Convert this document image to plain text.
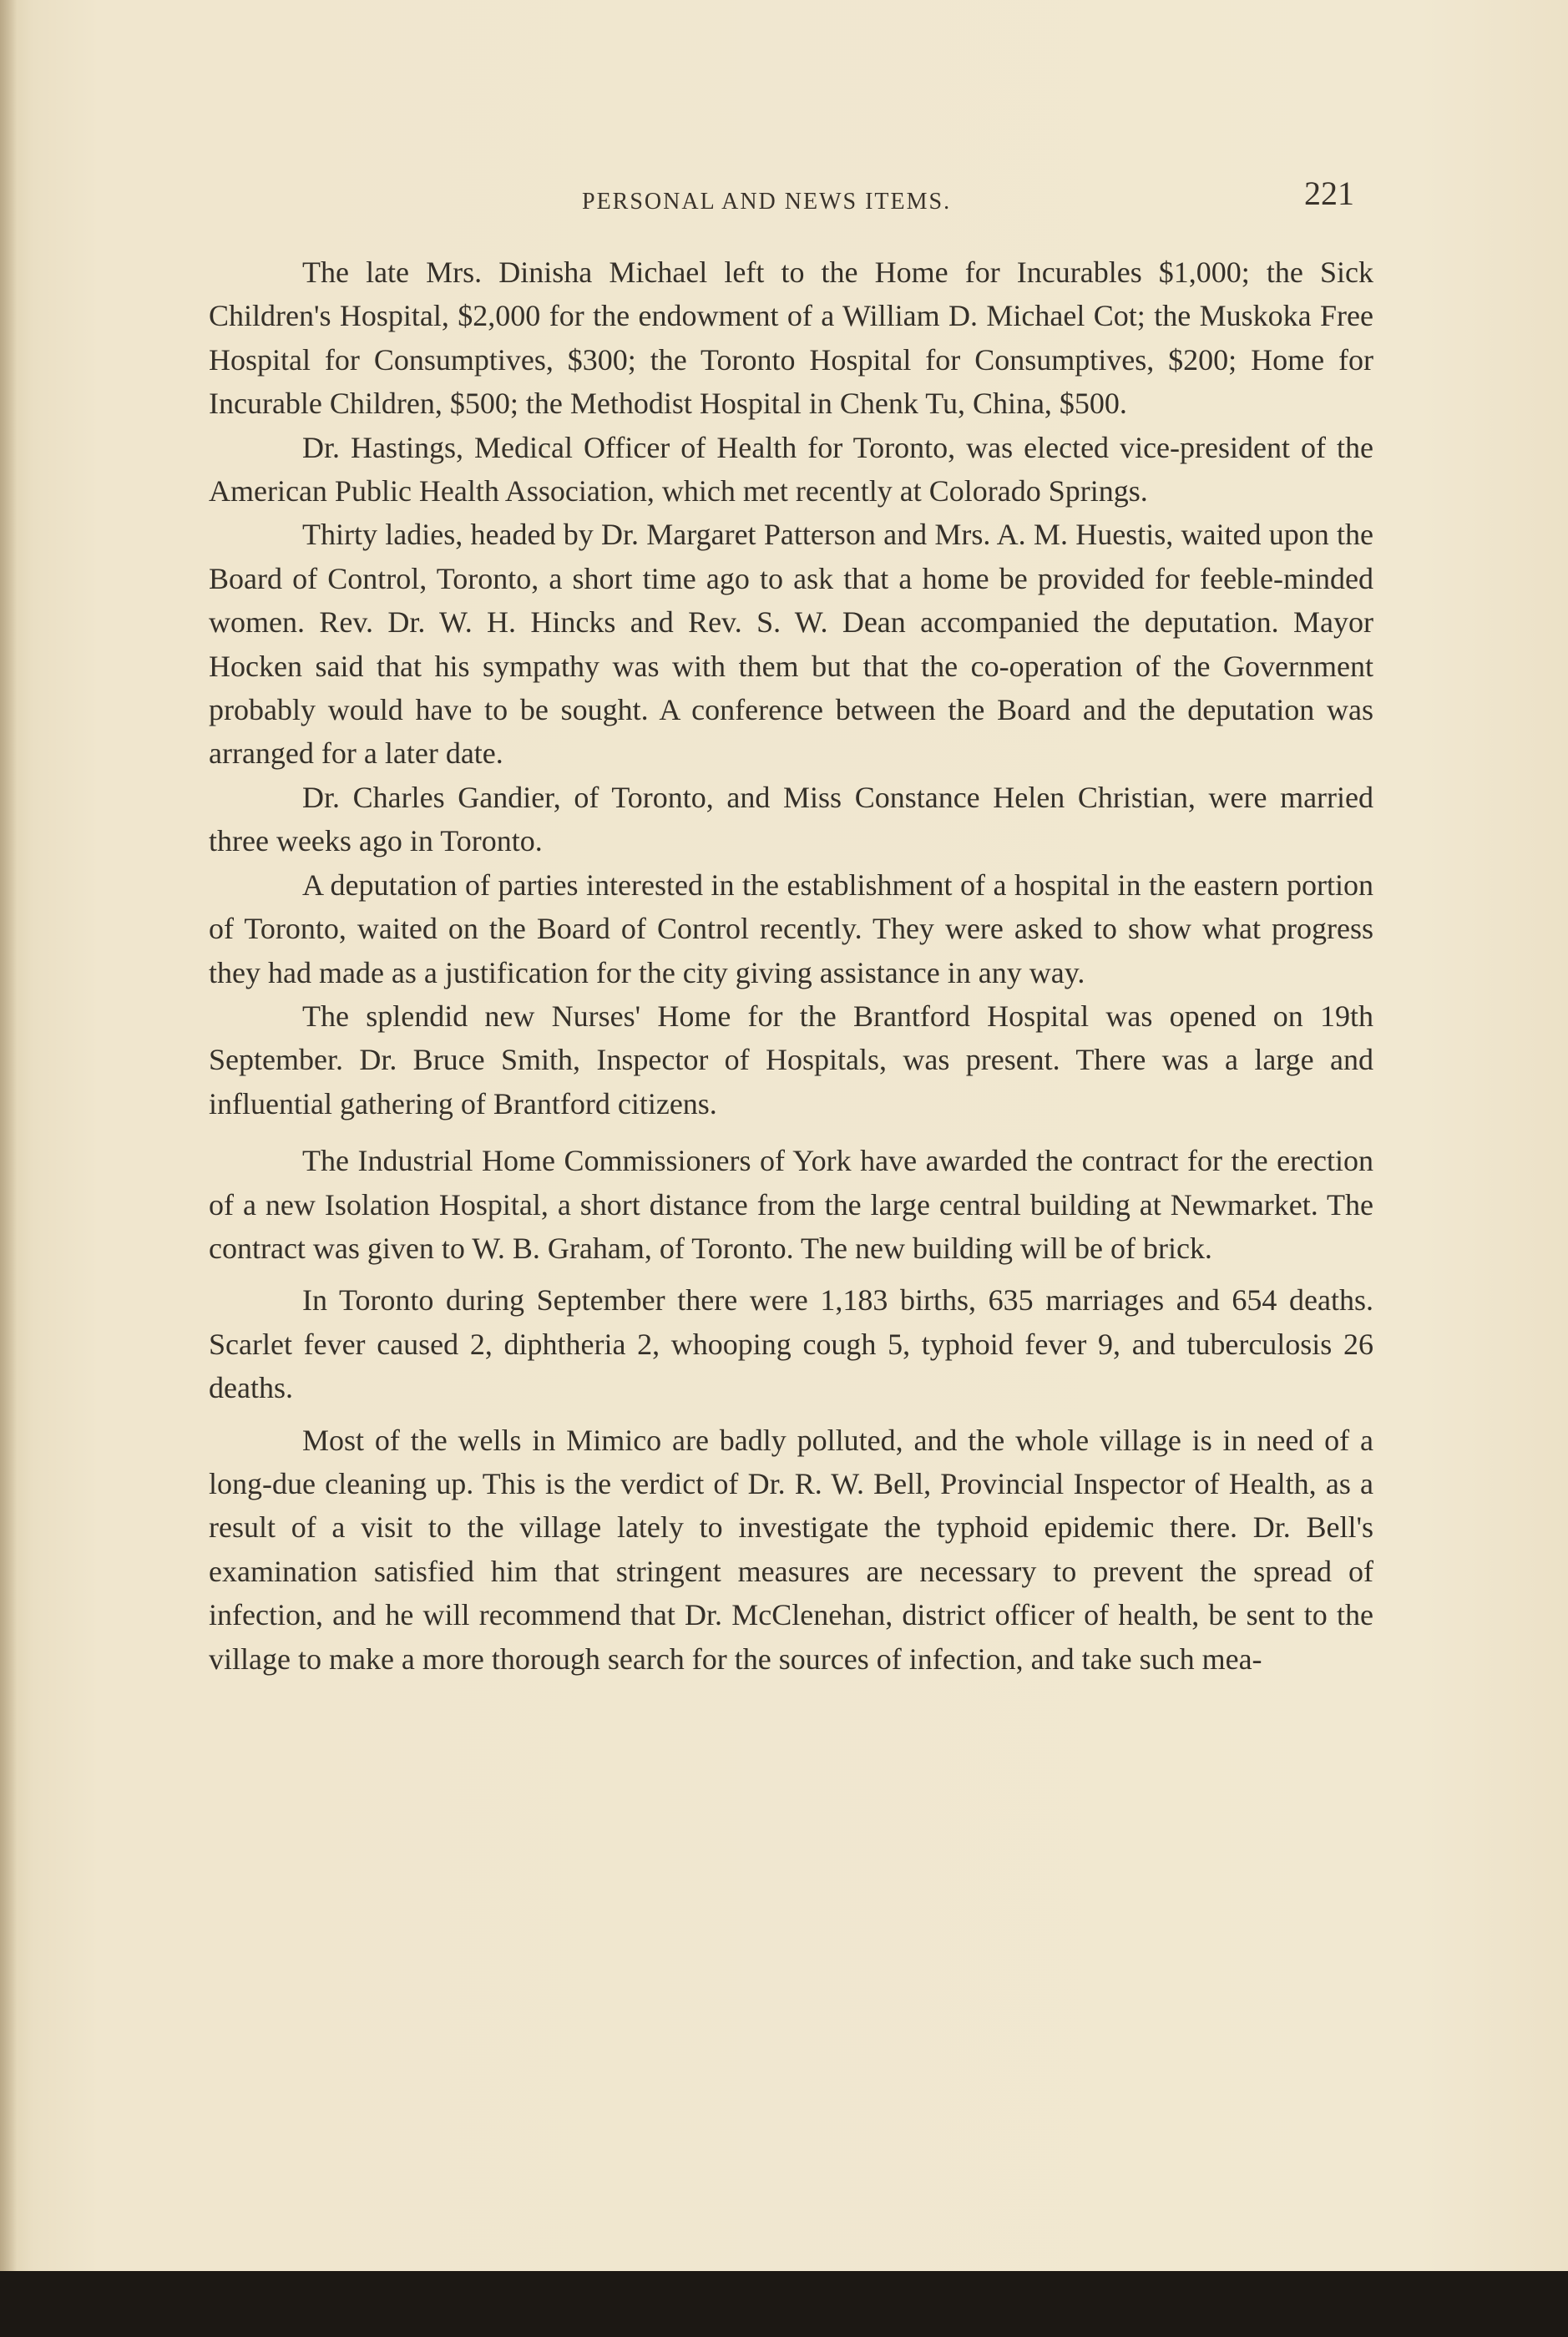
PERSONAL AND NEWS ITEMS.	221

The late Mrs. Dinisha Michael left to the Home for Incurables $1,000; the Sick Children's Hospital, $2,000 for the endowment of a William D. Michael Cot; the Muskoka Free Hospital for Consumptives, $300; the Toronto Hospital for Consumptives, $200; Home for Incurable Children, $500; the Methodist Hospital in Chenk Tu, China, $500.

Dr. Hastings, Medical Officer of Health for Toronto, was elected vice-president of the American Public Health Association, which met recently at Colorado Springs.

Thirty ladies, headed by Dr. Margaret Patterson and Mrs. A. M. Huestis, waited upon the Board of Control, Toronto, a short time ago to ask that a home be provided for feeble-minded women. Rev. Dr. W. H. Hincks and Rev. S. W. Dean accompanied the deputation. Mayor Hocken said that his sympathy was with them but that the co-operation of the Government probably would have to be sought. A conference between the Board and the deputation was arranged for a later date.

Dr. Charles Gandier, of Toronto, and Miss Constance Helen Christian, were married three weeks ago in Toronto.

A deputation of parties interested in the establishment of a hospital in the eastern portion of Toronto, waited on the Board of Control recently. They were asked to show what progress they had made as a justification for the city giving assistance in any way.

The splendid new Nurses' Home for the Brantford Hospital was opened on 19th September. Dr. Bruce Smith, Inspector of Hospitals, was present. There was a large and influential gathering of Brantford citizens.

The Industrial Home Commissioners of York have awarded the contract for the erection of a new Isolation Hospital, a short distance from the large central building at Newmarket. The contract was given to W. B. Graham, of Toronto. The new building will be of brick.

In Toronto during September there were 1,183 births, 635 marriages and 654 deaths. Scarlet fever caused 2, diphtheria 2, whooping cough 5, typhoid fever 9, and tuberculosis 26 deaths.

Most of the wells in Mimico are badly polluted, and the whole village is in need of a long-due cleaning up. This is the verdict of Dr. R. W. Bell, Provincial Inspector of Health, as a result of a visit to the village lately to investigate the typhoid epidemic there. Dr. Bell's examination satisfied him that stringent measures are necessary to prevent the spread of infection, and he will recommend that Dr. McClenehan, district officer of health, be sent to the village to make a more thorough search for the sources of infection, and take such mea-
